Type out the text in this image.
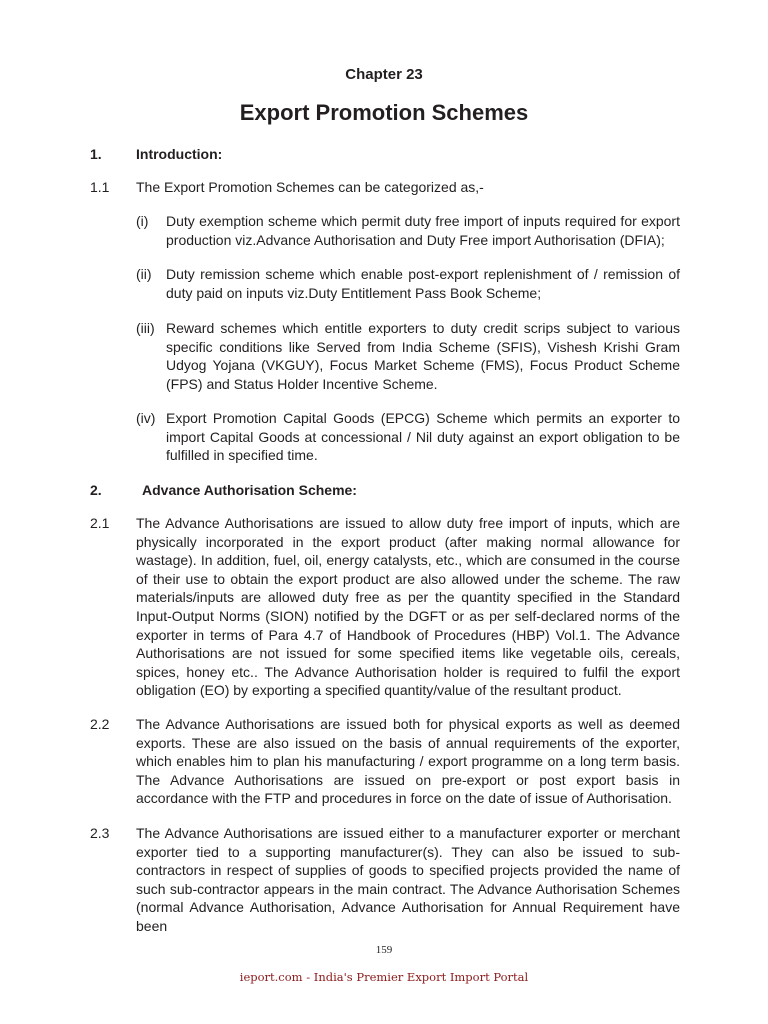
Chapter 23
Export Promotion Schemes
1. Introduction:
1.1 The Export Promotion Schemes can be categorized as,-
(i) Duty exemption scheme which permit duty free import of inputs required for export production viz.Advance Authorisation and Duty Free import Authorisation (DFIA);
(ii) Duty remission scheme which enable post-export replenishment of / remission of duty paid on inputs viz.Duty Entitlement Pass Book Scheme;
(iii) Reward schemes which entitle exporters to duty credit scrips subject to various specific conditions like Served from India Scheme (SFIS), Vishesh Krishi Gram Udyog Yojana (VKGUY), Focus Market Scheme (FMS), Focus Product Scheme (FPS) and Status Holder Incentive Scheme.
(iv) Export Promotion Capital Goods (EPCG) Scheme which permits an exporter to import Capital Goods at concessional / Nil duty against an export obligation to be fulfilled in specified time.
2.	Advance Authorisation Scheme:
2.1 The Advance Authorisations are issued to allow duty free import of inputs, which are physically incorporated in the export product (after making normal allowance for wastage). In addition, fuel, oil, energy catalysts, etc., which are consumed in the course of their use to obtain the export product are also allowed under the scheme. The raw materials/inputs are allowed duty free as per the quantity specified in the Standard Input-Output Norms (SION) notified by the DGFT or as per self-declared norms of the exporter in terms of Para 4.7 of Handbook of Procedures (HBP) Vol.1. The Advance Authorisations are not issued for some specified items like vegetable oils, cereals, spices, honey etc.. The Advance Authorisation holder is required to fulfil the export obligation (EO) by exporting a specified quantity/value of the resultant product.
2.2 The Advance Authorisations are issued both for physical exports as well as deemed exports. These are also issued on the basis of annual requirements of the exporter, which enables him to plan his manufacturing / export programme on a long term basis. The Advance Authorisations are issued on pre-export or post export basis in accordance with the FTP and procedures in force on the date of issue of Authorisation.
2.3 The Advance Authorisations are issued either to a manufacturer exporter or merchant exporter tied to a supporting manufacturer(s). They can also be issued to sub-contractors in respect of supplies of goods to specified projects provided the name of such sub-contractor appears in the main contract. The Advance Authorisation Schemes (normal Advance Authorisation, Advance Authorisation for Annual Requirement have been
159
ieport.com - India's Premier Export Import Portal
